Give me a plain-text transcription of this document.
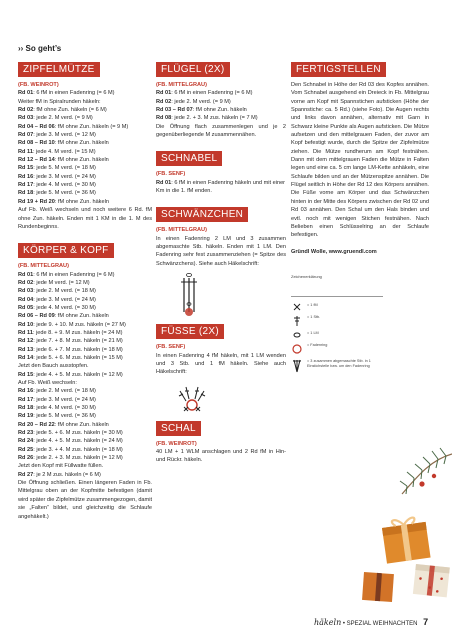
›› So geht’s
ZIPFELMÜTZE
(FB. WEINROT)
Rd 01: 6 fM in einen Fadenring (= 6 M)
Weiter fM in Spiralrunden häkeln:
Rd 02: fM ohne Zun. häkeln (= 6 M)
Rd 03: jede 2. M verd. (= 9 M)
Rd 04 – Rd 06: fM ohne Zun. häkeln (= 9 M)
Rd 07: jede 3. M verd. (= 12 M)
Rd 08 – Rd 10: fM ohne Zun. häkeln
Rd 11: jede 4. M verd. (= 15 M)
Rd 12 – Rd 14: fM ohne Zun. häkeln
Rd 15: jede 5. M verd. (= 18 M)
Rd 16: jede 3. M verd. (= 24 M)
Rd 17: jede 4. M verd. (= 30 M)
Rd 18: jede 5. M verd. (= 36 M)
Rd 19 + Rd 20: fM ohne Zun. häkeln
Auf Fb. Weiß wechseln und noch weitere 6 Rd. fM ohne Zun. häkeln. Enden mit 1 KM in die 1. M des Rundenbeginns.
KÖRPER & KOPF
(FB. MITTELGRAU)
Rd 01: 6 fM in einen Fadenring (= 6 M)
Rd 02: jede M verd. (= 12 M)
Rd 03: jede 2. M verd. (= 18 M)
Rd 04: jede 3. M verd. (= 24 M)
Rd 05: jede 4. M verd. (= 30 M)
Rd 06 – Rd 09: fM ohne Zun. häkeln
Rd 10: jede 9. + 10. M zus. häkeln (= 27 M)
Rd 11: jede 8. + 9. M zus. häkeln (= 24 M)
Rd 12: jede 7. + 8. M zus. häkeln (= 21 M)
Rd 13: jede 6. + 7. M zus. häkeln (= 18 M)
Rd 14: jede 5. + 6. M zus. häkeln (= 15 M)
Jetzt den Bauch ausstopfen.
Rd 15: jede 4. + 5. M zus. häkeln (= 12 M)
Auf Fb. Weiß wechseln:
Rd 16: jede 2. M verd. (= 18 M)
Rd 17: jede 3. M verd. (= 24 M)
Rd 18: jede 4. M verd. (= 30 M)
Rd 19: jede 5. M verd. (= 36 M)
Rd 20 – Rd 22: fM ohne Zun. häkeln
Rd 23: jede 5. + 6. M zus. häkeln (= 30 M)
Rd 24: jede 4. + 5. M zus. häkeln (= 24 M)
Rd 25: jede 3. + 4. M zus. häkeln (= 18 M)
Rd 26: jede 2. + 3. M zus. häkeln (= 12 M)
Jetzt den Kopf mit Füllwatte füllen.
Rd 27: je 2 M zus. häkeln (= 6 M)
Die Öffnung schließen. Einen längeren Faden in Fb. Mittelgrau oben an der Kopfmitte befestigen (damit wird später die Zipfelmütze zusammengezogen, damit sie „Falten“ bildet, und gleichzeitig die Schlaufe angehäkelt.)
FLÜGEL (2X)
(FB. MITTELGRAU)
Rd 01: 6 fM in einen Fadenring (= 6 M)
Rd 02: jede 2. M verd. (= 9 M)
Rd 03 – Rd 07: fM ohne Zun. häkeln
Rd 08: jede 2. + 3. M zus. häkeln (= 7 M)
Die Öffnung flach zusammenlegen und je 2 gegenüberliegende M zusammennähen.
SCHNABEL
(FB. SENF)
Rd 01: 6 fM in einen Fadenring häkeln und mit einer Km in die 1. fM enden.
SCHWÄNZCHEN
(FB. MITTELGRAU)
In einen Fadenring 2 LM und 3 zusammen abgemaschte Stb. häkeln. Enden mit 1 LM. Den Fadenring sehr fest zusammenziehen (= Spitze des Schwänzchens). Siehe auch Häkelschrift:
FÜSSE (2X)
(FB. SENF)
In einen Fadenring 4 fM häkeln, mit 1 LM wenden und 3 Stb. und 1 fM häkeln. Siehe auch Häkelschrift:
SCHAL
(FB. WEINROT)
40 LM + 1 WLM anschlagen und 2 Rd fM in Hin- und Rückr. häkeln.
FERTIGSTELLEN
Den Schnabel in Höhe der Rd 03 des Kopfes annähen. Vom Schnabel ausgehend ein Dreieck in Fb. Mittelgrau vorne am Kopf mit Spannstichen aufsticken (Höhe der Spannstiche: ca. 5 Rd.) (siehe Foto). Die Augen rechts und links davon annähen, alternativ mit Garn in Schwarz kleine Punkte als Augen aufsticken. Die Mütze aufsetzen und den mittelgrauen Faden, der zuvor am Kopf befestigt wurde, durch die Spitze der Zipfelmütze ziehen. Die Mütze rundherum am Kopf festnähen. Dann mit dem mittelgrauen Faden die Mütze in Falten legen und eine ca. 5 cm lange LM-Kette anhäkeln, eine Schlaufe bilden und an der Mützenspitze annähen. Die Flügel seitlich in Höhe der Rd 12 des Körpers annähen. Die Füße vorne am Körper und das Schwänzchen hinten in der Mitte des Körpers zwischen der Rd 02 und Rd 03 annähen. Den Schal um den Hals binden und evtl. noch mit wenigen Stichen festnähen. Nach Belieben einen Schlüsselring an der Schlaufe befestigen.
Gründl Wolle, www.gruendl.com
Zeichenerklärung
= 1 fM
= 1 Stb.
= 1 LM
= Fadenring
= 3 zusammen abgemaschte Stb. in 1 Einstichstelle bzw. um den Fadenring
häkeln • SPEZIAL WEIHNACHTEN 7
